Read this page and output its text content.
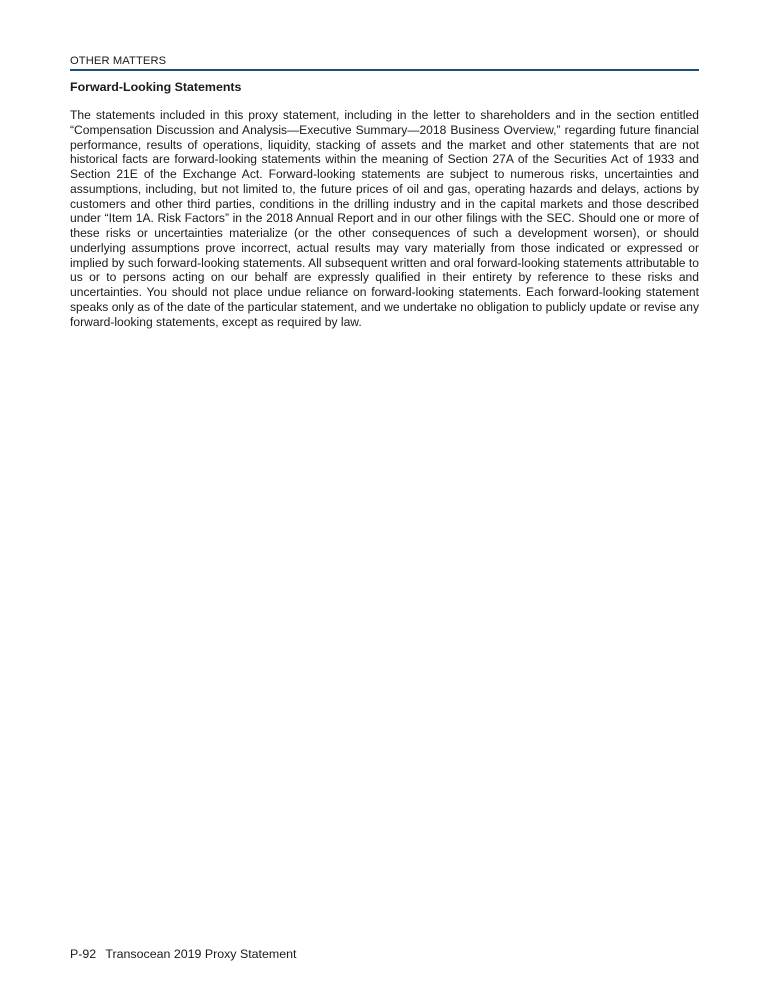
OTHER MATTERS
Forward-Looking Statements

The statements included in this proxy statement, including in the letter to shareholders and in the section entitled “Compensation Discussion and Analysis—Executive Summary—2018 Business Overview,” regarding future financial performance, results of operations, liquidity, stacking of assets and the market and other statements that are not historical facts are forward-looking statements within the meaning of Section 27A of the Securities Act of 1933 and Section 21E of the Exchange Act. Forward-looking statements are subject to numerous risks, uncertainties and assumptions, including, but not limited to, the future prices of oil and gas, operating hazards and delays, actions by customers and other third parties, conditions in the drilling industry and in the capital markets and those described under “Item 1A. Risk Factors” in the 2018 Annual Report and in our other filings with the SEC. Should one or more of these risks or uncertainties materialize (or the other consequences of such a development worsen), or should underlying assumptions prove incorrect, actual results may vary materially from those indicated or expressed or implied by such forward-looking statements. All subsequent written and oral forward-looking statements attributable to us or to persons acting on our behalf are expressly qualified in their entirety by reference to these risks and uncertainties. You should not place undue reliance on forward-looking statements. Each forward-looking statement speaks only as of the date of the particular statement, and we undertake no obligation to publicly update or revise any forward-looking statements, except as required by law.

P-92 Transocean 2019 Proxy Statement
